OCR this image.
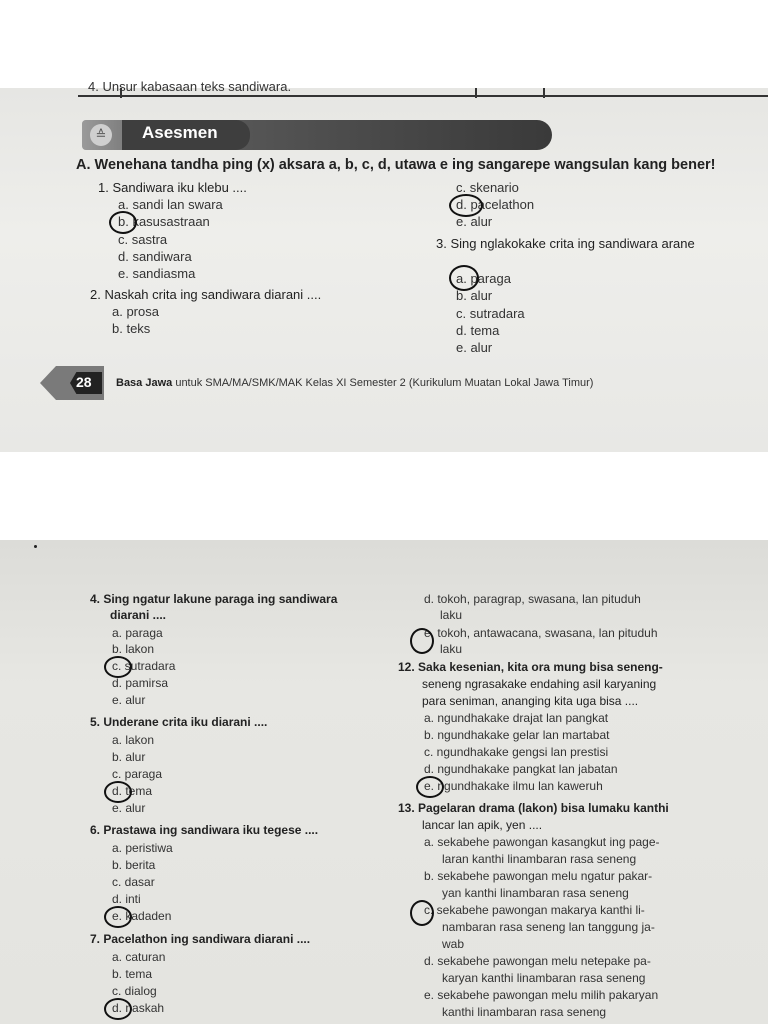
4. Unsur kabasaan teks sandiwara.
≙	Asesmen
A. Wenehana tandha ping (x) aksara a, b, c, d, utawa e ing sangarepe wangsulan kang bener!
1. Sandiwara iku klebu ....
a. sandi lan swara
b. kasusastraan
c. sastra
d. sandiwara
e. sandiasma
2. Naskah crita ing sandiwara diarani ....
a. prosa
b. teks
c. skenario
d. pacelathon
e. alur
3. Sing nglakokake crita ing sandiwara arane
a. paraga
b. alur
c. sutradara
d. tema
e. alur
28 Basa Jawa untuk SMA/MA/SMK/MAK Kelas XI Semester 2 (Kurikulum Muatan Lokal Jawa Timur)
4. Sing ngatur lakune paraga ing sandiwara
diarani ....
a. paraga
b. lakon
c. sutradara
d. pamirsa
e. alur
5. Underane crita iku diarani ....
a. lakon
b. alur
c. paraga
d. tema
e. alur
6. Prastawa ing sandiwara iku tegese ....
a. peristiwa
b. berita
c. dasar
d. inti
e. kadaden
7. Pacelathon ing sandiwara diarani ....
a. caturan
b. tema
c. dialog
d. naskah
d. tokoh, paragrap, swasana, lan pituduh
laku
e. tokoh, antawacana, swasana, lan pituduh
laku
12. Saka kesenian, kita ora mung bisa seneng-
seneng ngrasakake endahing asil karyaning
para seniman, ananging kita uga bisa ....
a. ngundhakake drajat lan pangkat
b. ngundhakake gelar lan martabat
c. ngundhakake gengsi lan prestisi
d. ngundhakake pangkat lan jabatan
e. ngundhakake ilmu lan kaweruh
13. Pagelaran drama (lakon) bisa lumaku kanthi
lancar lan apik, yen ....
a. sekabehe pawongan kasangkut ing page-
laran kanthi linambaran rasa seneng
b. sekabehe pawongan melu ngatur pakar-
yan kanthi linambaran rasa seneng
c. sekabehe pawongan makarya kanthi li-
nambaran rasa seneng lan tanggung ja-
wab
d. sekabehe pawongan melu netepake pa-
karyan kanthi linambaran rasa seneng
e. sekabehe pawongan melu milih pakaryan
kanthi linambaran rasa seneng
